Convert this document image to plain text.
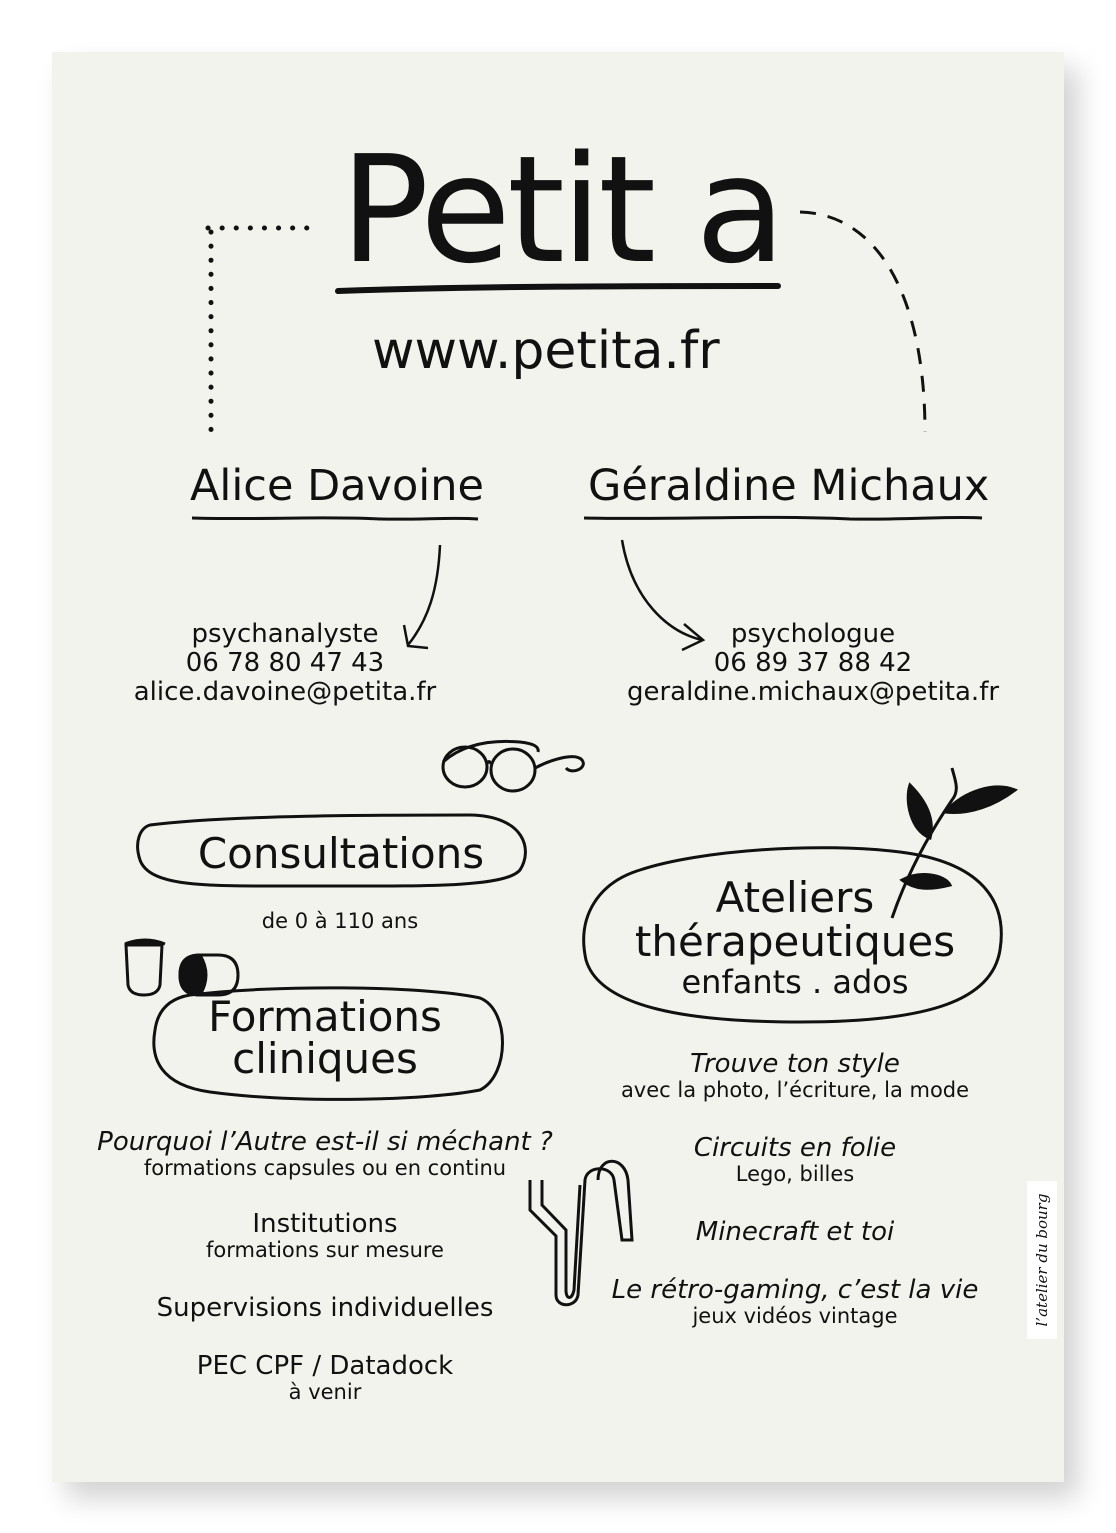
Petit a
www.petita.fr
Alice Davoine Géraldine Michaux
psychanalyste
06 78 80 47 43
alice.davoine@petita.fr
psychologue
06 89 37 88 42
geraldine.michaux@petita.fr
Consultations
de 0 à 110 ans
Formations
cliniques
Pourquoi l’Autre est-il si méchant ?
formations capsules ou en continu
Institutions
formations sur mesure
Supervisions individuelles
PEC CPF / Datadock
à venir
Ateliers
thérapeutiques
enfants . ados
Trouve ton style
avec la photo, l’écriture, la mode
Circuits en folie
Lego, billes
Minecraft et toi
Le rétro-gaming, c’est la vie
jeux vidéos vintage	l’atelier du bourg
